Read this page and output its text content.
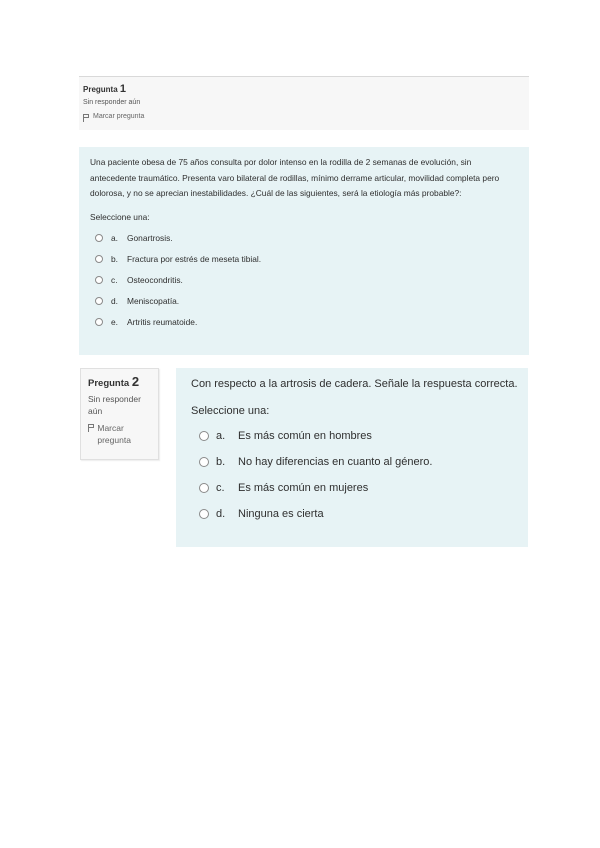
Pregunta 1
Sin responder aún
Marcar pregunta
Una paciente obesa de 75 años consulta por dolor intenso en la rodilla de 2 semanas de evolución, sin antecedente traumático. Presenta varo bilateral de rodillas, mínimo derrame articular, movilidad completa pero dolorosa, y no se aprecian inestabilidades. ¿Cuál de las siguientes, será la etiología más probable?:
Seleccione una:
a.	Gonartrosis.
b.	Fractura por estrés de meseta tibial.
c.	Osteocondritis.
d.	Meniscopatía.
e.	Artritis reumatoide.
Pregunta 2
Sin responder aún
Marcar pregunta
Con respecto a la artrosis de cadera. Señale la respuesta correcta.
Seleccione una:
a.	Es más común en hombres
b.	No hay diferencias en cuanto al género.
c.	Es más común en mujeres
d.	Ninguna es cierta
